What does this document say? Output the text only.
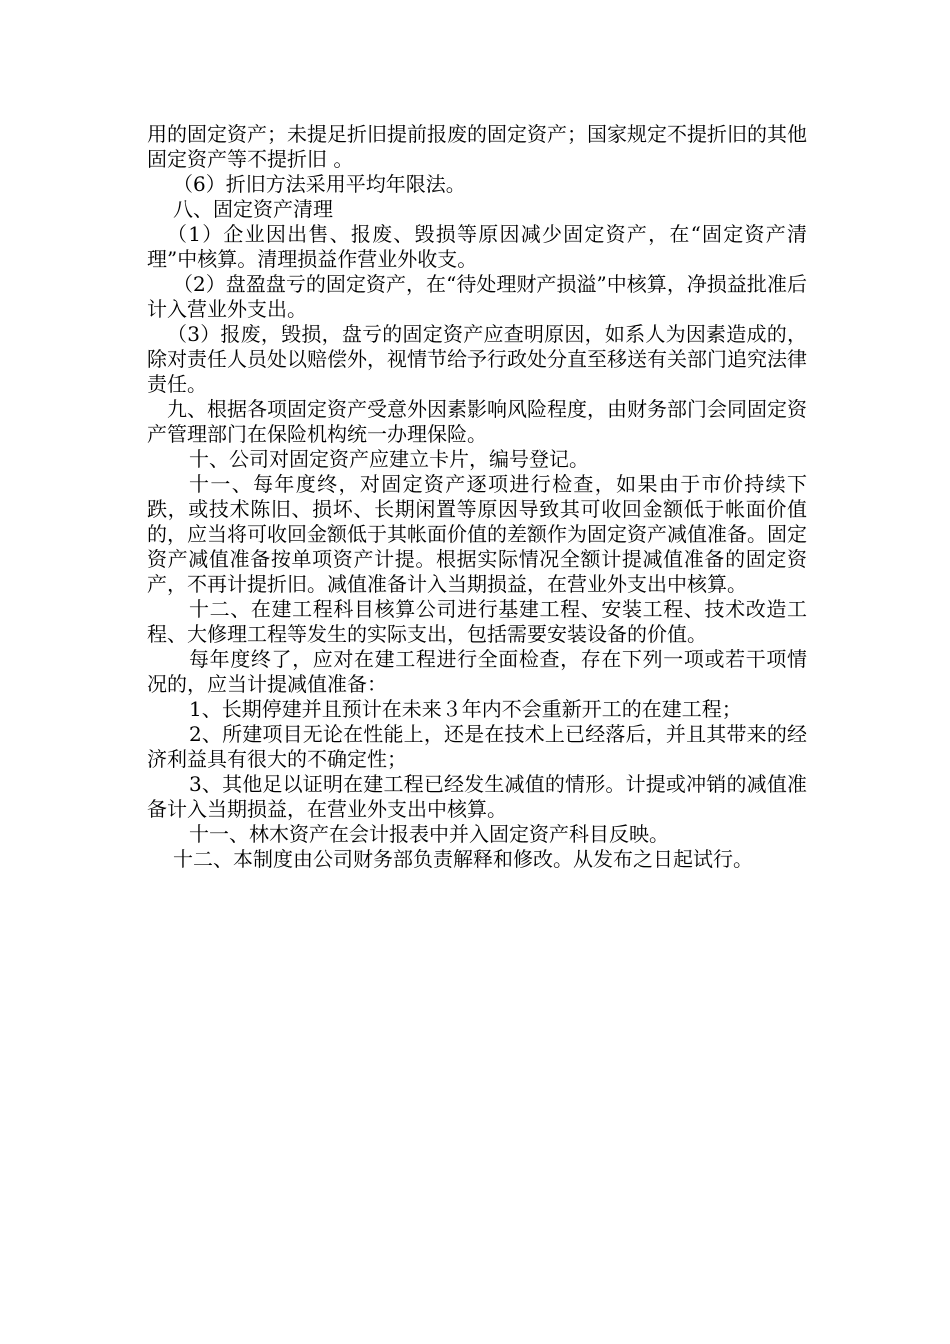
用的固定资产；未提足折旧提前报废的固定资产；国家规定不提折旧的其他固定资产等不提折旧 。

（6）折旧方法采用平均年限法。

八、固定资产清理

（1）企业因出售、报废、毁损等原因减少固定资产，在“固定资产清理”中核算。清理损益作营业外收支。

（2）盘盈盘亏的固定资产，在“待处理财产损溢”中核算，净损益批准后计入营业外支出。

（3）报废，毁损，盘亏的固定资产应查明原因，如系人为因素造成的，除对责任人员处以赔偿外，视情节给予行政处分直至移送有关部门追究法律责任。

九、根据各项固定资产受意外因素影响风险程度，由财务部门会同固定资产管理部门在保险机构统一办理保险。

十、公司对固定资产应建立卡片，编号登记。

十一、每年度终，对固定资产逐项进行检查，如果由于市价持续下跌，或技术陈旧、损坏、长期闲置等原因导致其可收回金额低于帐面价值的，应当将可收回金额低于其帐面价值的差额作为固定资产减值准备。固定资产减值准备按单项资产计提。根据实际情况全额计提减值准备的固定资产，不再计提折旧。减值准备计入当期损益，在营业外支出中核算。

十二、在建工程科目核算公司进行基建工程、安装工程、技术改造工程、大修理工程等发生的实际支出，包括需要安装设备的价值。

每年度终了，应对在建工程进行全面检查，存在下列一项或若干项情况的，应当计提减值准备：

1、长期停建并且预计在未来３年内不会重新开工的在建工程；

2、所建项目无论在性能上，还是在技术上已经落后，并且其带来的经济利益具有很大的不确定性；

3、其他足以证明在建工程已经发生减值的情形。计提或冲销的减值准备计入当期损益，在营业外支出中核算。

十一、林木资产在会计报表中并入固定资产科目反映。

十二、本制度由公司财务部负责解释和修改。从发布之日起试行。
